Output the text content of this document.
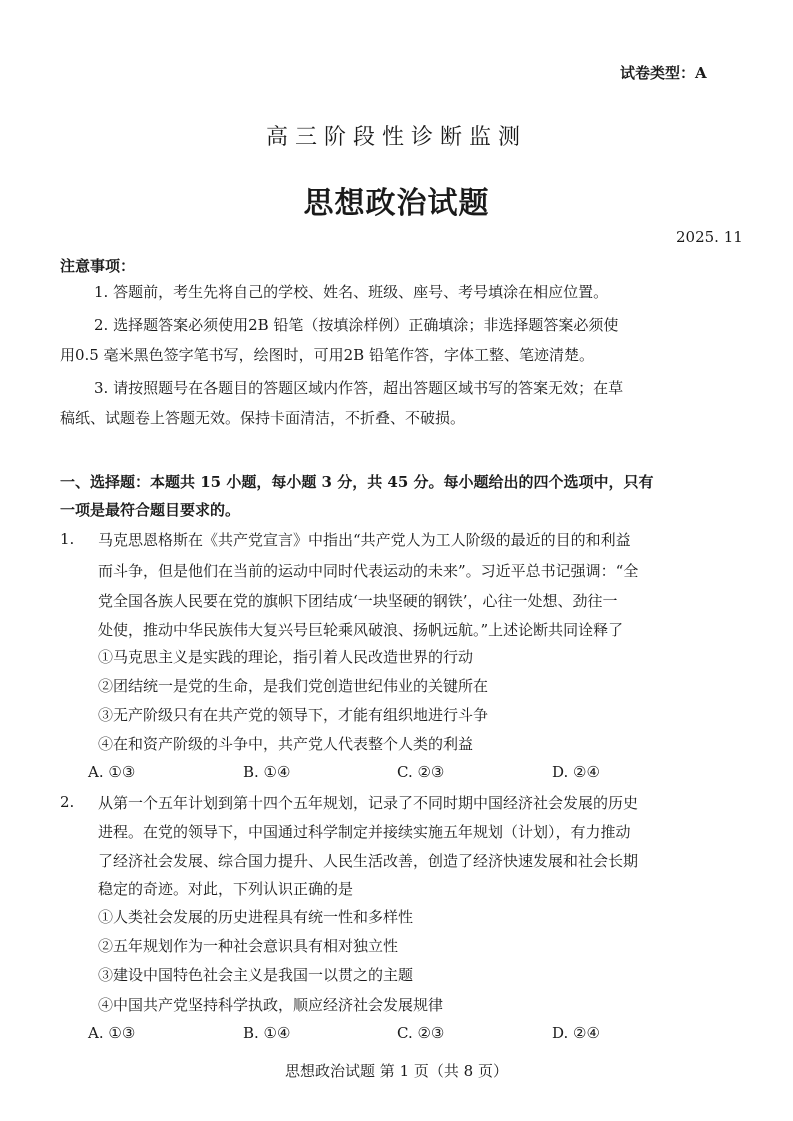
试卷类型：A
高三阶段性诊断监测
思想政治试题
2025. 11
注意事项：
1. 答题前，考生先将自己的学校、姓名、班级、座号、考号填涂在相应位置。
2. 选择题答案必须使用2B 铅笔（按填涂样例）正确填涂；非选择题答案必须使
用0.5 毫米黑色签字笔书写，绘图时，可用2B 铅笔作答，字体工整、笔迹清楚。
3. 请按照题号在各题目的答题区域内作答，超出答题区域书写的答案无效；在草
稿纸、试题卷上答题无效。保持卡面清洁，不折叠、不破损。
一、选择题：本题共 15 小题，每小题 3 分，共 45 分。每小题给出的四个选项中，只有
一项是最符合题目要求的。
1. 马克思恩格斯在《共产党宣言》中指出“共产党人为工人阶级的最近的目的和利益
而斗争，但是他们在当前的运动中同时代表运动的未来”。习近平总书记强调：“全
党全国各族人民要在党的旗帜下团结成‘一块坚硬的钢铁’，心往一处想、劲往一
处使，推动中华民族伟大复兴号巨轮乘风破浪、扬帆远航。”上述论断共同诠释了
①马克思主义是实践的理论，指引着人民改造世界的行动
②团结统一是党的生命，是我们党创造世纪伟业的关键所在
③无产阶级只有在共产党的领导下，才能有组织地进行斗争
④在和资产阶级的斗争中，共产党人代表整个人类的利益
A. ①③	B. ①④	C. ②③	D. ②④
2. 从第一个五年计划到第十四个五年规划，记录了不同时期中国经济社会发展的历史
进程。在党的领导下，中国通过科学制定并接续实施五年规划（计划），有力推动
了经济社会发展、综合国力提升、人民生活改善，创造了经济快速发展和社会长期
稳定的奇迹。对此，下列认识正确的是
①人类社会发展的历史进程具有统一性和多样性
②五年规划作为一种社会意识具有相对独立性
③建设中国特色社会主义是我国一以贯之的主题
④中国共产党坚持科学执政，顺应经济社会发展规律
A. ①③	B. ①④	C. ②③	D. ②④
思想政治试题 第 1 页（共 8 页）
